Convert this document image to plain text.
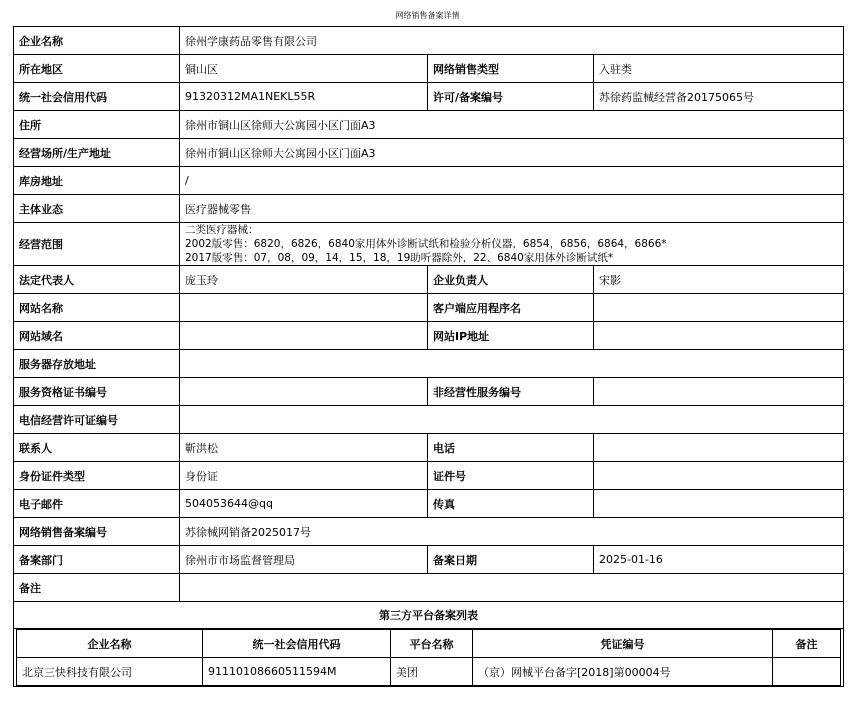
网络销售备案详情
企业名称	徐州学康药品零售有限公司
所在地区	铜山区	网络销售类型	入驻类
统一社会信用代码	91320312MA1NEKL55R	许可/备案编号	苏徐药监械经营备20175065号
住所	徐州市铜山区徐师大公寓园小区门面A3
经营场所/生产地址	徐州市铜山区徐师大公寓园小区门面A3
库房地址	/
主体业态	医疗器械零售
经营范围	
二类医疗器械：
2002版零售：6820，6826，6840家用体外诊断试纸和检验分析仪器，6854，6856，6864，6866*
2017版零售：07，08，09，14，15，18，19助听器除外，22、6840家用体外诊断试纸*

法定代表人	庞玉玲	企业负责人	宋影
网站名称		客户端应用程序名	
网站域名		网站IP地址	
服务器存放地址	
服务资格证书编号		非经营性服务编号	
电信经营许可证编号	
联系人	靳洪松	电话	
身份证件类型	身份证	证件号	
电子邮件	504053644@qq	传真	
网络销售备案编号	苏徐械网销备2025017号
备案部门	徐州市市场监督管理局	备案日期	2025-01-16
备注	
第三方平台备案列表

企业名称	统一社会信用代码	平台名称	凭证编号	备注
北京三快科技有限公司	91110108660511594M	美团	（京）网械平台备字[2018]第00004号	
